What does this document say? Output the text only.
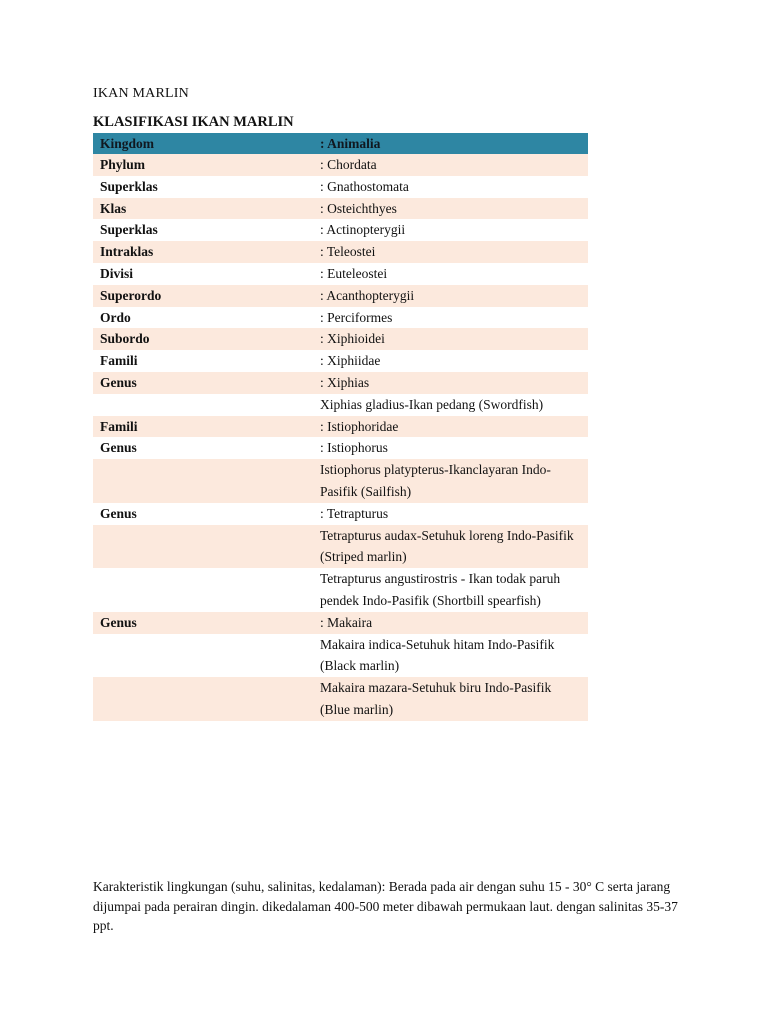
IKAN MARLIN
KLASIFIKASI IKAN MARLIN
Kingdom	: Animalia
Phylum	: Chordata
Superklas	: Gnathostomata
Klas	: Osteichthyes
Superklas	: Actinopterygii
Intraklas	: Teleostei
Divisi	: Euteleostei
Superordo	: Acanthopterygii
Ordo	: Perciformes
Subordo	: Xiphioidei
Famili	: Xiphiidae
Genus	: Xiphias
Xiphias gladius-Ikan pedang (Swordfish)
Famili	: Istiophoridae
Genus	: Istiophorus
Istiophorus platypterus-Ikanclayaran Indo-Pasifik (Sailfish)
Genus	: Tetrapturus
Tetrapturus audax-Setuhuk loreng Indo-Pasifik (Striped marlin)
Tetrapturus angustirostris - Ikan todak paruh pendek Indo-Pasifik (Shortbill spearfish)
Genus	: Makaira
Makaira indica-Setuhuk hitam Indo-Pasifik (Black marlin)
Makaira mazara-Setuhuk biru Indo-Pasifik (Blue marlin)
Karakteristik lingkungan (suhu, salinitas, kedalaman): Berada pada air dengan suhu 15 - 30° C serta jarang dijumpai pada perairan dingin. dikedalaman 400-500 meter dibawah permukaan laut. dengan salinitas 35-37 ppt.
